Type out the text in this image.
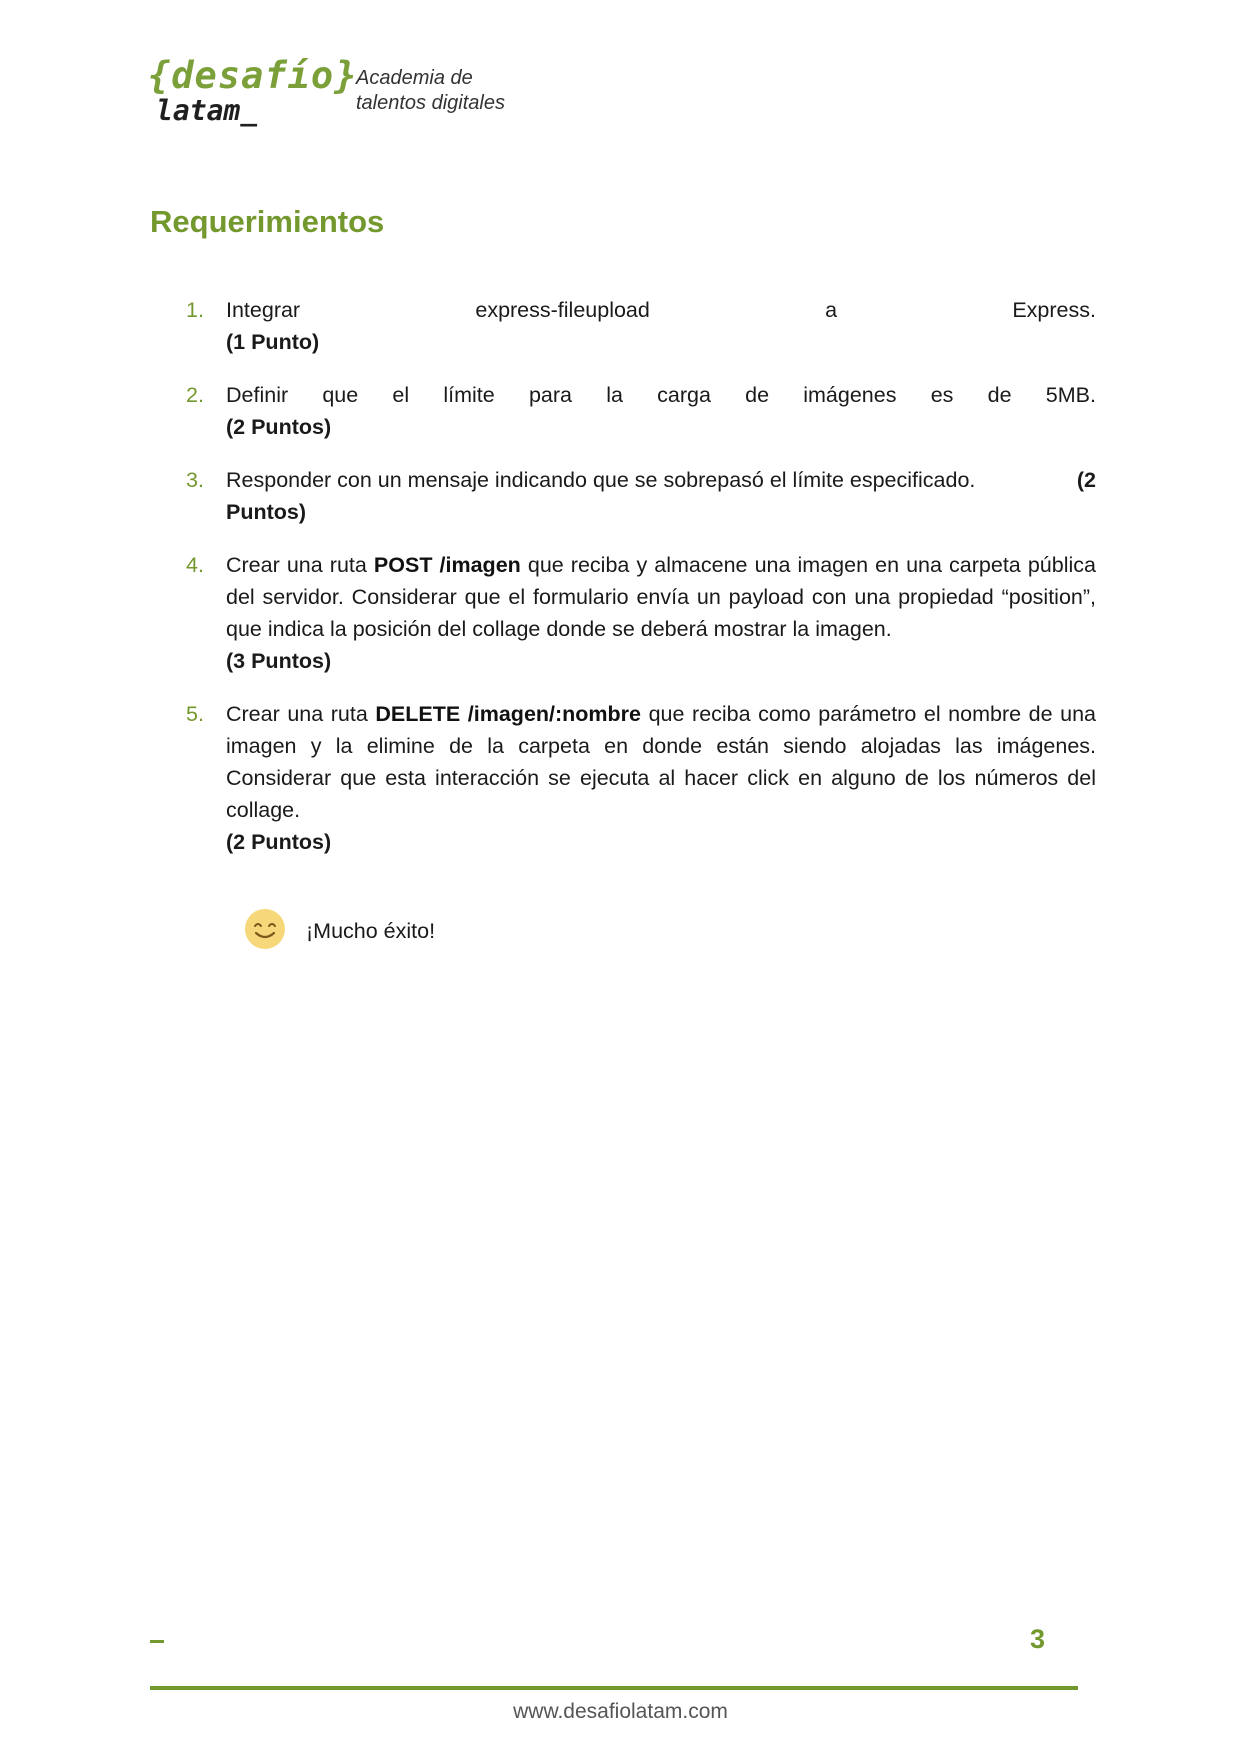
{desafío}
latam_
Academia de
talentos digitales
Requerimientos
1. Integrar	express-fileupload	a	Express.
(1 Punto)
2. Definir que el límite para la carga de imágenes es de 5MB.
(2 Puntos)
3. Responder con un mensaje indicando que se sobrepasó el límite especificado.	(2
Puntos)
4. Crear una ruta POST /imagen que reciba y almacene una imagen en una carpeta pública del servidor. Considerar que el formulario envía un payload con una propiedad “position”, que indica la posición del collage donde se deberá mostrar la imagen.
(3 Puntos)
5. Crear una ruta DELETE /imagen/:nombre que reciba como parámetro el nombre de una imagen y la elimine de la carpeta en donde están siendo alojadas las imágenes. Considerar que esta interacción se ejecuta al hacer click en alguno de los números del collage.
(2 Puntos)
¡Mucho éxito!
3
www.desafiolatam.com
